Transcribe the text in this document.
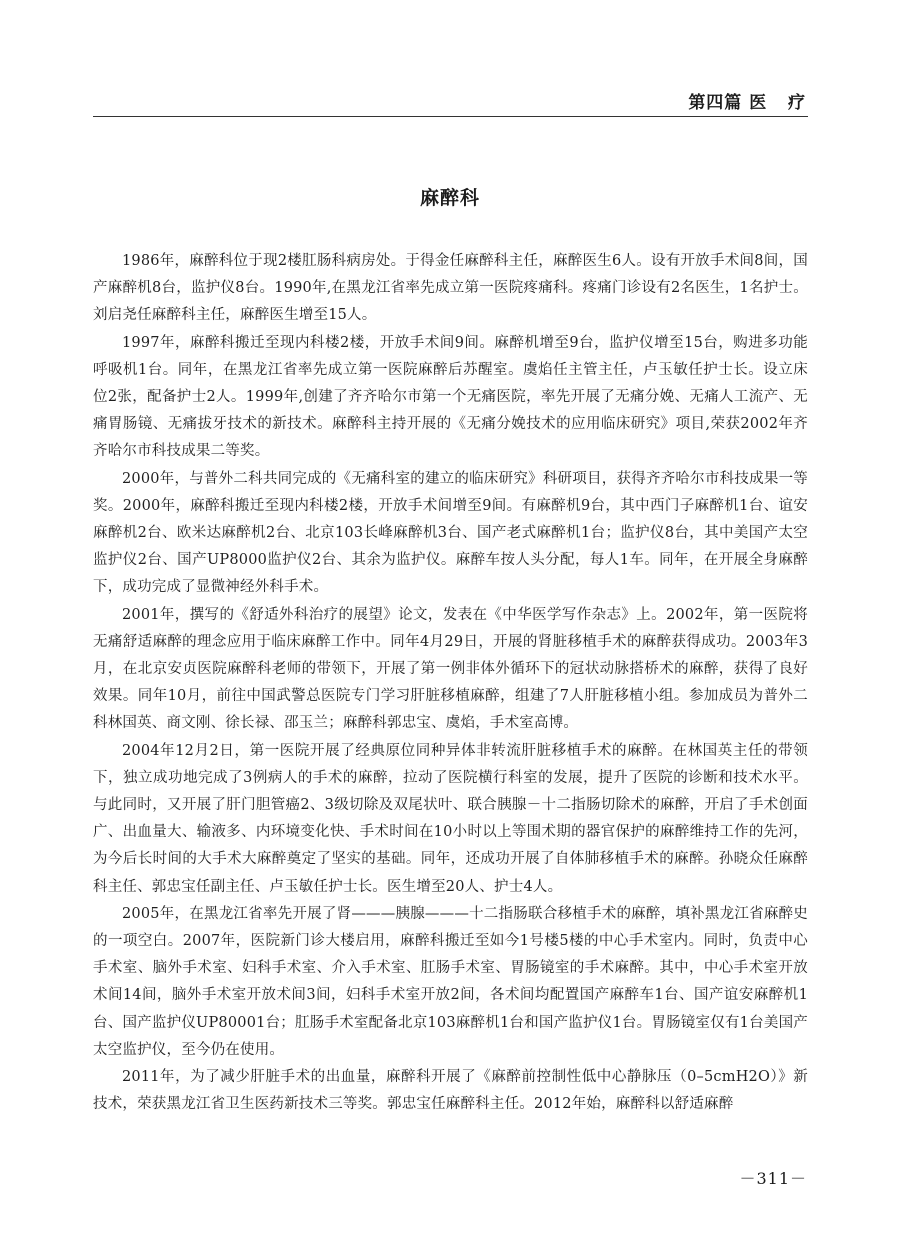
第四篇 医   疗
麻醉科

1986年，麻醉科位于现2楼肛肠科病房处。于得金任麻醉科主任，麻醉医生6人。设有开放手术间8间，国产麻醉机8台，监护仪8台。1990年,在黑龙江省率先成立第一医院疼痛科。疼痛门诊设有2名医生，1名护士。刘启尧任麻醉科主任，麻醉医生增至15人。

1997年，麻醉科搬迁至现内科楼2楼，开放手术间9间。麻醉机增至9台，监护仪增至15台，购进多功能呼吸机1台。同年，在黑龙江省率先成立第一医院麻醉后苏醒室。虞焰任主管主任，卢玉敏任护士长。设立床位2张，配备护士2人。1999年,创建了齐齐哈尔市第一个无痛医院，率先开展了无痛分娩、无痛人工流产、无痛胃肠镜、无痛拔牙技术的新技术。麻醉科主持开展的《无痛分娩技术的应用临床研究》项目,荣获2002年齐齐哈尔市科技成果二等奖。

2000年，与普外二科共同完成的《无痛科室的建立的临床研究》科研项目，获得齐齐哈尔市科技成果一等奖。2000年，麻醉科搬迁至现内科楼2楼，开放手术间增至9间。有麻醉机9台，其中西门子麻醉机1台、谊安麻醉机2台、欧米达麻醉机2台、北京103长峰麻醉机3台、国产老式麻醉机1台；监护仪8台，其中美国产太空监护仪2台、国产UP8000监护仪2台、其余为监护仪。麻醉车按人头分配，每人1车。同年，在开展全身麻醉下，成功完成了显微神经外科手术。

2001年，撰写的《舒适外科治疗的展望》论文，发表在《中华医学写作杂志》上。2002年，第一医院将无痛舒适麻醉的理念应用于临床麻醉工作中。同年4月29日，开展的肾脏移植手术的麻醉获得成功。2003年3月，在北京安贞医院麻醉科老师的带领下，开展了第一例非体外循环下的冠状动脉搭桥术的麻醉，获得了良好效果。同年10月，前往中国武警总医院专门学习肝脏移植麻醉，组建了7人肝脏移植小组。参加成员为普外二科林国英、商文刚、徐长禄、邵玉兰；麻醉科郭忠宝、虞焰，手术室高博。

2004年12月2日，第一医院开展了经典原位同种异体非转流肝脏移植手术的麻醉。在林国英主任的带领下，独立成功地完成了3例病人的手术的麻醉，拉动了医院横行科室的发展，提升了医院的诊断和技术水平。与此同时，又开展了肝门胆管癌2、3级切除及双尾状叶、联合胰腺－十二指肠切除术的麻醉，开启了手术创面广、出血量大、输液多、内环境变化快、手术时间在10小时以上等围术期的器官保护的麻醉维持工作的先河，为今后长时间的大手术大麻醉奠定了坚实的基础。同年，还成功开展了自体肺移植手术的麻醉。孙晓众任麻醉科主任、郭忠宝任副主任、卢玉敏任护士长。医生增至20人、护士4人。

2005年，在黑龙江省率先开展了肾———胰腺———十二指肠联合移植手术的麻醉，填补黑龙江省麻醉史的一项空白。2007年，医院新门诊大楼启用，麻醉科搬迁至如今1号楼5楼的中心手术室内。同时，负责中心手术室、脑外手术室、妇科手术室、介入手术室、肛肠手术室、胃肠镜室的手术麻醉。其中，中心手术室开放术间14间，脑外手术室开放术间3间，妇科手术室开放2间，各术间均配置国产麻醉车1台、国产谊安麻醉机1台、国产监护仪UP80001台；肛肠手术室配备北京103麻醉机1台和国产监护仪1台。胃肠镜室仅有1台美国产太空监护仪，至今仍在使用。

2011年，为了减少肝脏手术的出血量，麻醉科开展了《麻醉前控制性低中心静脉压（0–5cmH2O）》新技术，荣获黑龙江省卫生医药新技术三等奖。郭忠宝任麻醉科主任。2012年始，麻醉科以舒适麻醉

－311－
